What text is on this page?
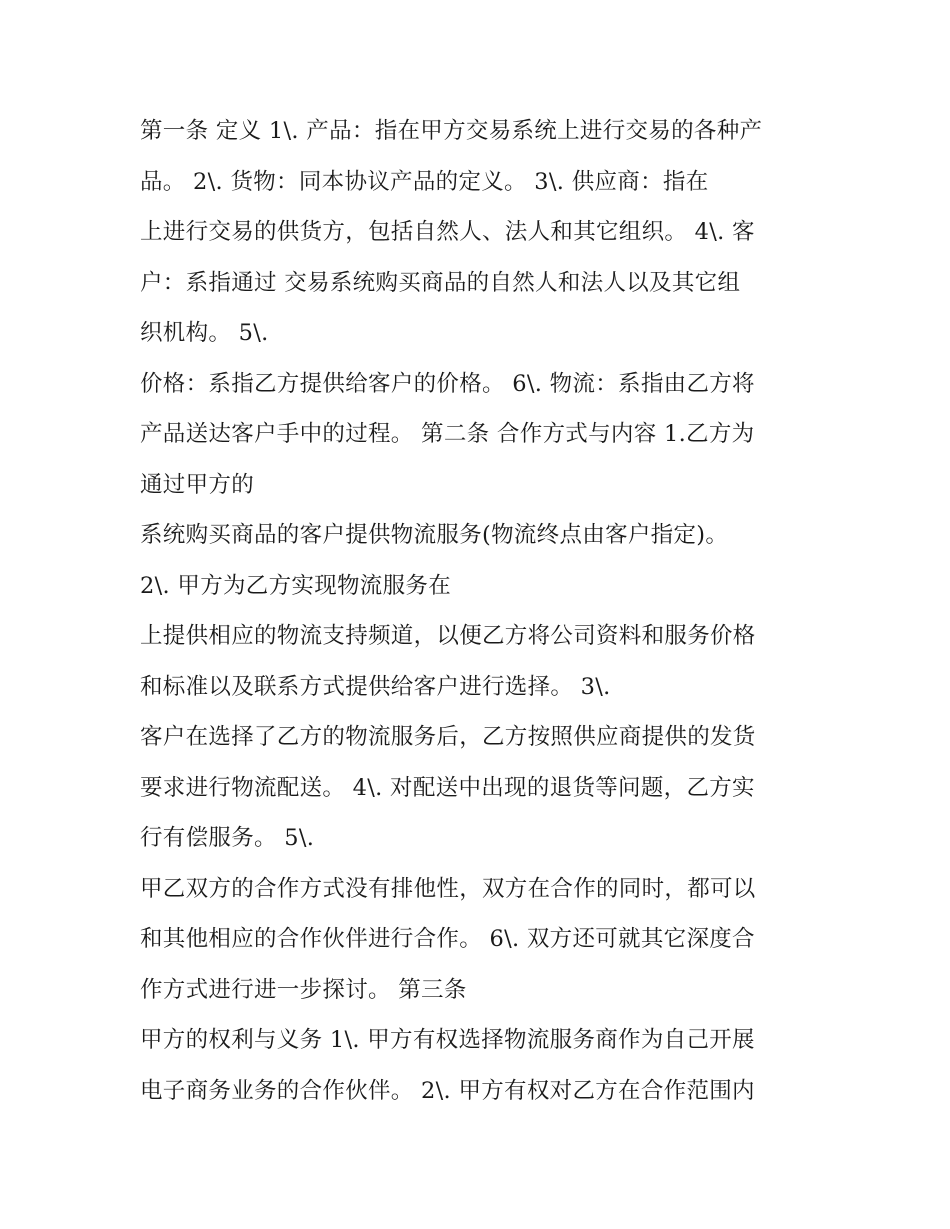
第一条 定义 1\. 产品：指在甲方交易系统上进行交易的各种产
品。 2\. 货物：同本协议产品的定义。 3\. 供应商：指在
上进行交易的供货方，包括自然人、法人和其它组织。 4\. 客
户：系指通过 交易系统购买商品的自然人和法人以及其它组
织机构。 5\.
价格：系指乙方提供给客户的价格。 6\. 物流：系指由乙方将
产品送达客户手中的过程。 第二条 合作方式与内容 1.乙方为
通过甲方的
系统购买商品的客户提供物流服务(物流终点由客户指定)。
2\. 甲方为乙方实现物流服务在
上提供相应的物流支持频道，以便乙方将公司资料和服务价格
和标准以及联系方式提供给客户进行选择。 3\.
客户在选择了乙方的物流服务后，乙方按照供应商提供的发货
要求进行物流配送。 4\. 对配送中出现的退货等问题，乙方实
行有偿服务。 5\.
甲乙双方的合作方式没有排他性，双方在合作的同时，都可以
和其他相应的合作伙伴进行合作。 6\. 双方还可就其它深度合
作方式进行进一步探讨。 第三条
甲方的权利与义务 1\. 甲方有权选择物流服务商作为自己开展
电子商务业务的合作伙伴。 2\. 甲方有权对乙方在合作范围内
